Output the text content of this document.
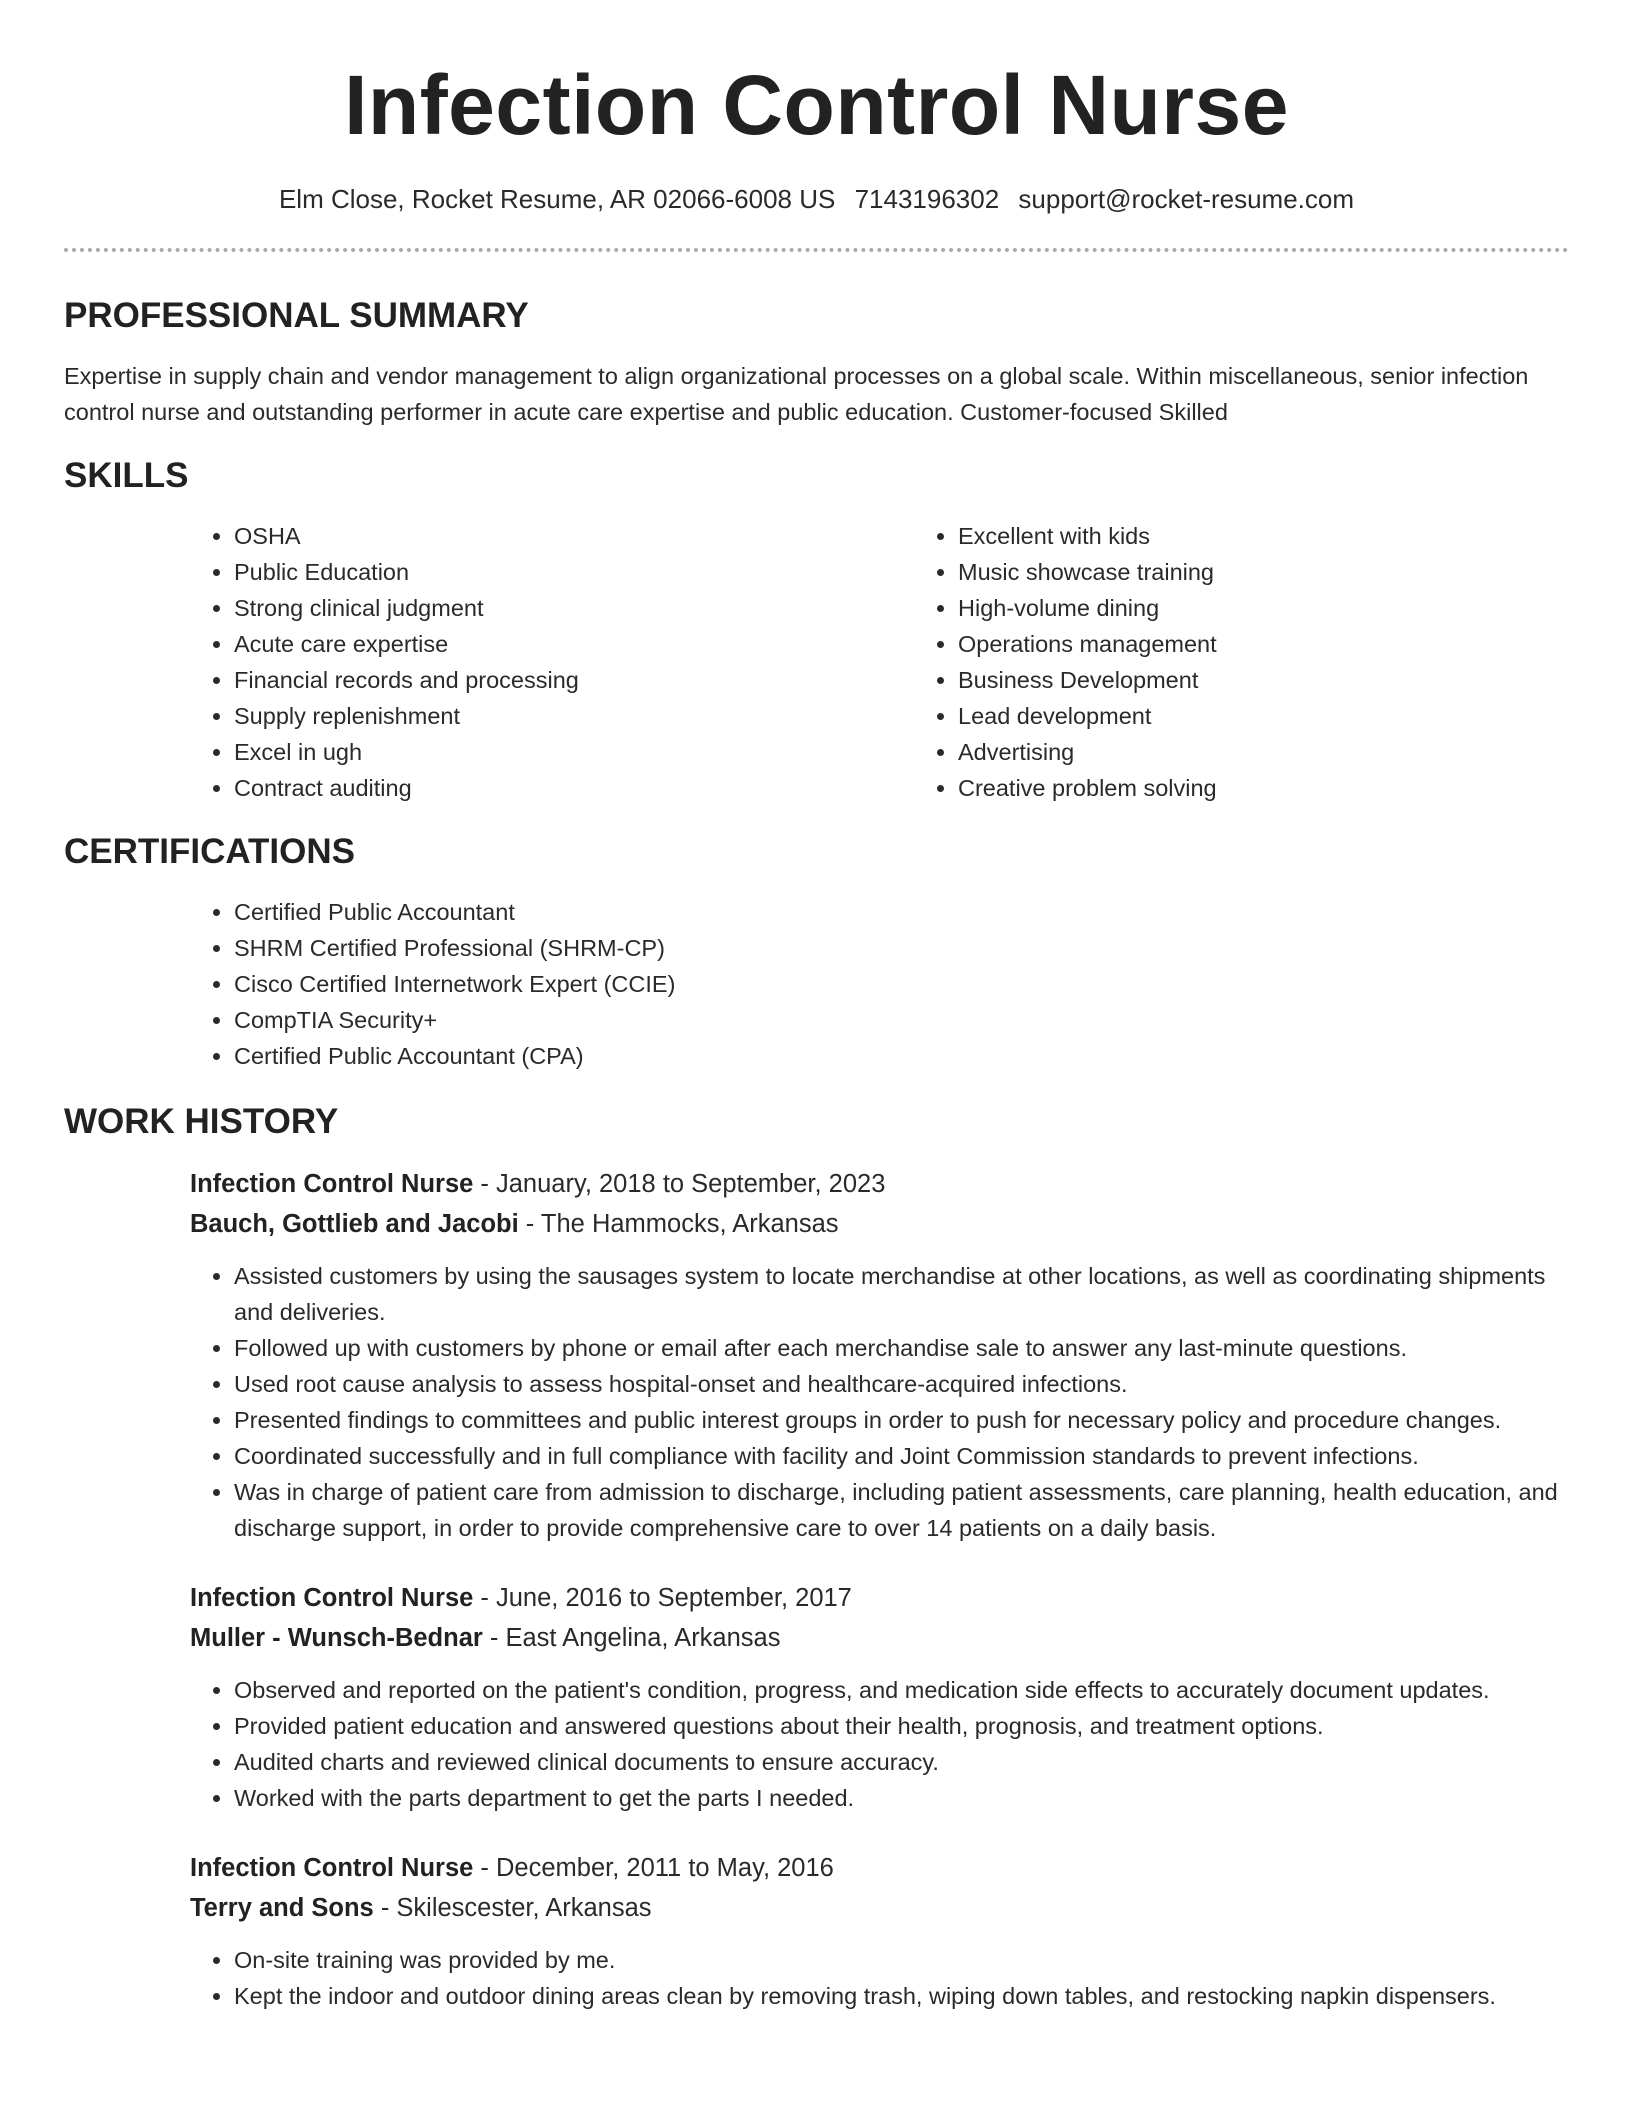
Infection Control Nurse
Elm Close, Rocket Resume, AR 02066-6008 US 7143196302 support@rocket-resume.com
PROFESSIONAL SUMMARY

Expertise in supply chain and vendor management to align organizational processes on a global scale. Within miscellaneous, senior infection control nurse and outstanding performer in acute care expertise and public education. Customer-focused Skilled

SKILLS
• OSHA
• Public Education
• Strong clinical judgment
• Acute care expertise
• Financial records and processing
• Supply replenishment
• Excel in ugh
• Contract auditing
• Excellent with kids
• Music showcase training
• High-volume dining
• Operations management
• Business Development
• Lead development
• Advertising
• Creative problem solving
CERTIFICATIONS
• Certified Public Accountant
• SHRM Certified Professional (SHRM-CP)
• Cisco Certified Internetwork Expert (CCIE)
• CompTIA Security+
• Certified Public Accountant (CPA)
WORK HISTORY
Infection Control Nurse - January, 2018 to September, 2023
Bauch, Gottlieb and Jacobi - The Hammocks, Arkansas
• Assisted customers by using the sausages system to locate merchandise at other locations, as well as coordinating shipments and deliveries.
• Followed up with customers by phone or email after each merchandise sale to answer any last-minute questions.
• Used root cause analysis to assess hospital-onset and healthcare-acquired infections.
• Presented findings to committees and public interest groups in order to push for necessary policy and procedure changes.
• Coordinated successfully and in full compliance with facility and Joint Commission standards to prevent infections.
• Was in charge of patient care from admission to discharge, including patient assessments, care planning, health education, and discharge support, in order to provide comprehensive care to over 14 patients on a daily basis.
Infection Control Nurse - June, 2016 to September, 2017
Muller - Wunsch-Bednar - East Angelina, Arkansas
• Observed and reported on the patient's condition, progress, and medication side effects to accurately document updates.
• Provided patient education and answered questions about their health, prognosis, and treatment options.
• Audited charts and reviewed clinical documents to ensure accuracy.
• Worked with the parts department to get the parts I needed.
Infection Control Nurse - December, 2011 to May, 2016
Terry and Sons - Skilescester, Arkansas
• On-site training was provided by me.
• Kept the indoor and outdoor dining areas clean by removing trash, wiping down tables, and restocking napkin dispensers.
